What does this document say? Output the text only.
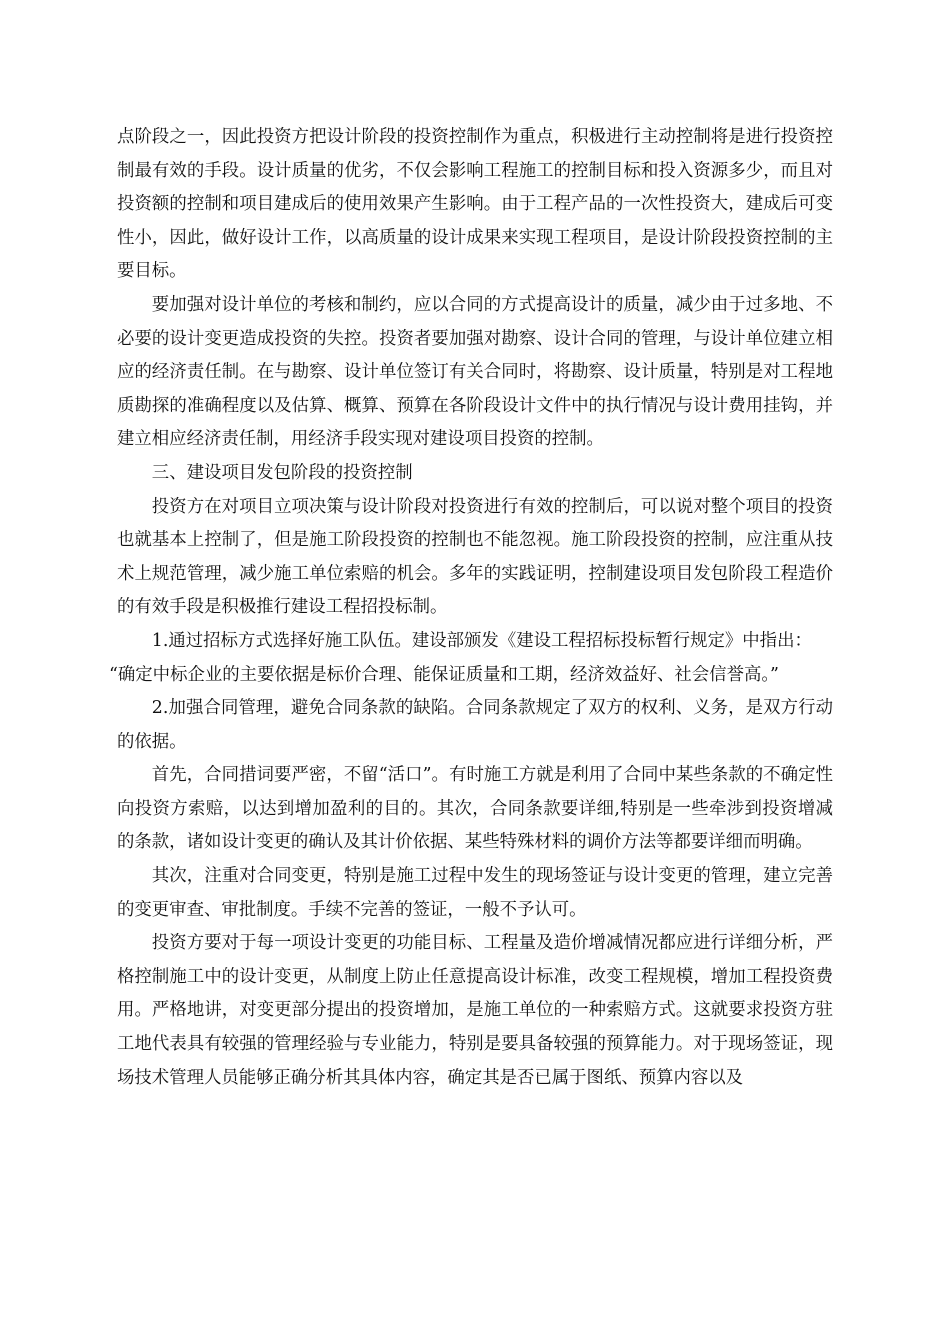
点阶段之一，因此投资方把设计阶段的投资控制作为重点，积极进行主动控制将是进行投资控制最有效的手段。设计质量的优劣，不仅会影响工程施工的控制目标和投入资源多少，而且对投资额的控制和项目建成后的使用效果产生影响。由于工程产品的一次性投资大，建成后可变性小，因此，做好设计工作，以高质量的设计成果来实现工程项目，是设计阶段投资控制的主要目标。

要加强对设计单位的考核和制约，应以合同的方式提高设计的质量，减少由于过多地、不必要的设计变更造成投资的失控。投资者要加强对勘察、设计合同的管理，与设计单位建立相应的经济责任制。在与勘察、设计单位签订有关合同时，将勘察、设计质量，特别是对工程地质勘探的准确程度以及估算、概算、预算在各阶段设计文件中的执行情况与设计费用挂钩，并建立相应经济责任制，用经济手段实现对建设项目投资的控制。

三、建设项目发包阶段的投资控制

投资方在对项目立项决策与设计阶段对投资进行有效的控制后，可以说对整个项目的投资也就基本上控制了，但是施工阶段投资的控制也不能忽视。施工阶段投资的控制，应注重从技术上规范管理，减少施工单位索赔的机会。多年的实践证明，控制建设项目发包阶段工程造价的有效手段是积极推行建设工程招投标制。

1.通过招标方式选择好施工队伍。建设部颁发《建设工程招标投标暂行规定》中指出：

“确定中标企业的主要依据是标价合理、能保证质量和工期，经济效益好、社会信誉高。”

2.加强合同管理，避免合同条款的缺陷。合同条款规定了双方的权利、义务，是双方行动的依据。

首先，合同措词要严密，不留“活口”。有时施工方就是利用了合同中某些条款的不确定性向投资方索赔，以达到增加盈利的目的。其次，合同条款要详细,特别是一些牵涉到投资增减的条款，诸如设计变更的确认及其计价依据、某些特殊材料的调价方法等都要详细而明确。

其次，注重对合同变更，特别是施工过程中发生的现场签证与设计变更的管理，建立完善的变更审查、审批制度。手续不完善的签证，一般不予认可。

投资方要对于每一项设计变更的功能目标、工程量及造价增减情况都应进行详细分析，严格控制施工中的设计变更，从制度上防止任意提高设计标准，改变工程规模，增加工程投资费用。严格地讲，对变更部分提出的投资增加，是施工单位的一种索赔方式。这就要求投资方驻工地代表具有较强的管理经验与专业能力，特别是要具备较强的预算能力。对于现场签证，现场技术管理人员能够正确分析其具体内容，确定其是否已属于图纸、预算内容以及
